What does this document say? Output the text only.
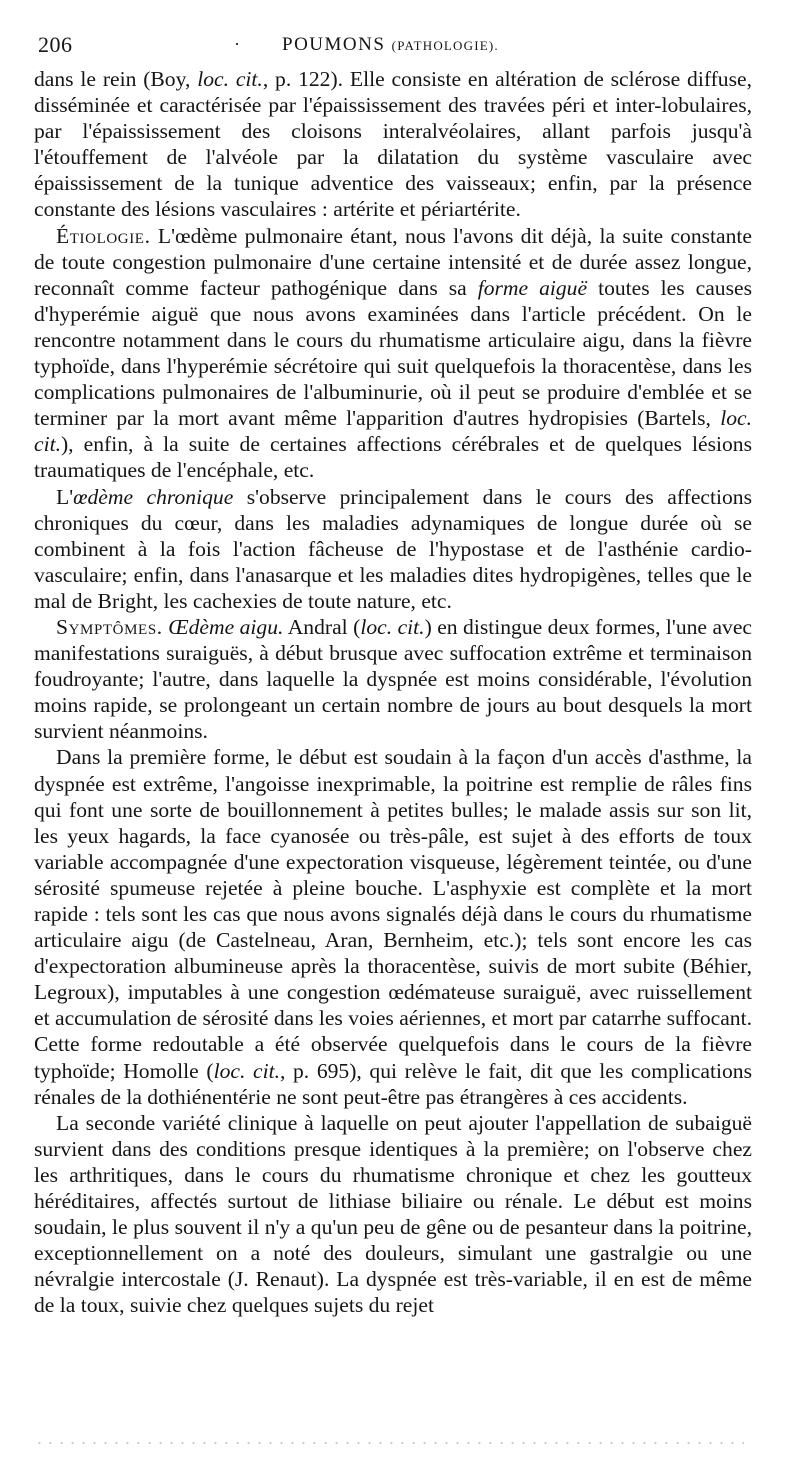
206	· POUMONS (PATHOLOGIE).

dans le rein (Boy, loc. cit., p. 122). Elle consiste en altération de sclérose diffuse, disséminée et caractérisée par l'épaississement des travées péri et inter-lobulaires, par l'épaississement des cloisons interalvéolaires, allant parfois jusqu'à l'étouffement de l'alvéole par la dilatation du système vasculaire avec épaississement de la tunique adventice des vaisseaux; enfin, par la présence constante des lésions vasculaires : artérite et périartérite.

Étiologie. L'œdème pulmonaire étant, nous l'avons dit déjà, la suite constante de toute congestion pulmonaire d'une certaine intensité et de durée assez longue, reconnaît comme facteur pathogénique dans sa forme aiguë toutes les causes d'hyperémie aiguë que nous avons examinées dans l'article précédent. On le rencontre notamment dans le cours du rhumatisme articulaire aigu, dans la fièvre typhoïde, dans l'hyperémie sécrétoire qui suit quelquefois la thoracentèse, dans les complications pulmonaires de l'albuminurie, où il peut se produire d'emblée et se terminer par la mort avant même l'apparition d'autres hydropisies (Bartels, loc. cit.), enfin, à la suite de certaines affections cérébrales et de quelques lésions traumatiques de l'encéphale, etc.

L'œdème chronique s'observe principalement dans le cours des affections chroniques du cœur, dans les maladies adynamiques de longue durée où se combinent à la fois l'action fâcheuse de l'hypostase et de l'asthénie cardio-vasculaire; enfin, dans l'anasarque et les maladies dites hydropigènes, telles que le mal de Bright, les cachexies de toute nature, etc.

Symptômes. Œdème aigu. Andral (loc. cit.) en distingue deux formes, l'une avec manifestations suraiguës, à début brusque avec suffocation extrême et terminaison foudroyante; l'autre, dans laquelle la dyspnée est moins considérable, l'évolution moins rapide, se prolongeant un certain nombre de jours au bout desquels la mort survient néanmoins.

Dans la première forme, le début est soudain à la façon d'un accès d'asthme, la dyspnée est extrême, l'angoisse inexprimable, la poitrine est remplie de râles fins qui font une sorte de bouillonnement à petites bulles; le malade assis sur son lit, les yeux hagards, la face cyanosée ou très-pâle, est sujet à des efforts de toux variable accompagnée d'une expectoration visqueuse, légèrement teintée, ou d'une sérosité spumeuse rejetée à pleine bouche. L'asphyxie est complète et la mort rapide : tels sont les cas que nous avons signalés déjà dans le cours du rhumatisme articulaire aigu (de Castelneau, Aran, Bernheim, etc.); tels sont encore les cas d'expectoration albumineuse après la thoracentèse, suivis de mort subite (Béhier, Legroux), imputables à une congestion œdémateuse suraiguë, avec ruissellement et accumulation de sérosité dans les voies aériennes, et mort par catarrhe suffocant. Cette forme redoutable a été observée quelquefois dans le cours de la fièvre typhoïde; Homolle (loc. cit., p. 695), qui relève le fait, dit que les complications rénales de la dothiénentérie ne sont peut-être pas étrangères à ces accidents.

La seconde variété clinique à laquelle on peut ajouter l'appellation de subaiguë survient dans des conditions presque identiques à la première; on l'observe chez les arthritiques, dans le cours du rhumatisme chronique et chez les goutteux héréditaires, affectés surtout de lithiase biliaire ou rénale. Le début est moins soudain, le plus souvent il n'y a qu'un peu de gêne ou de pesanteur dans la poitrine, exceptionnellement on a noté des douleurs, simulant une gastralgie ou une névralgie intercostale (J. Renaut). La dyspnée est très-variable, il en est de même de la toux, suivie chez quelques sujets du rejet
